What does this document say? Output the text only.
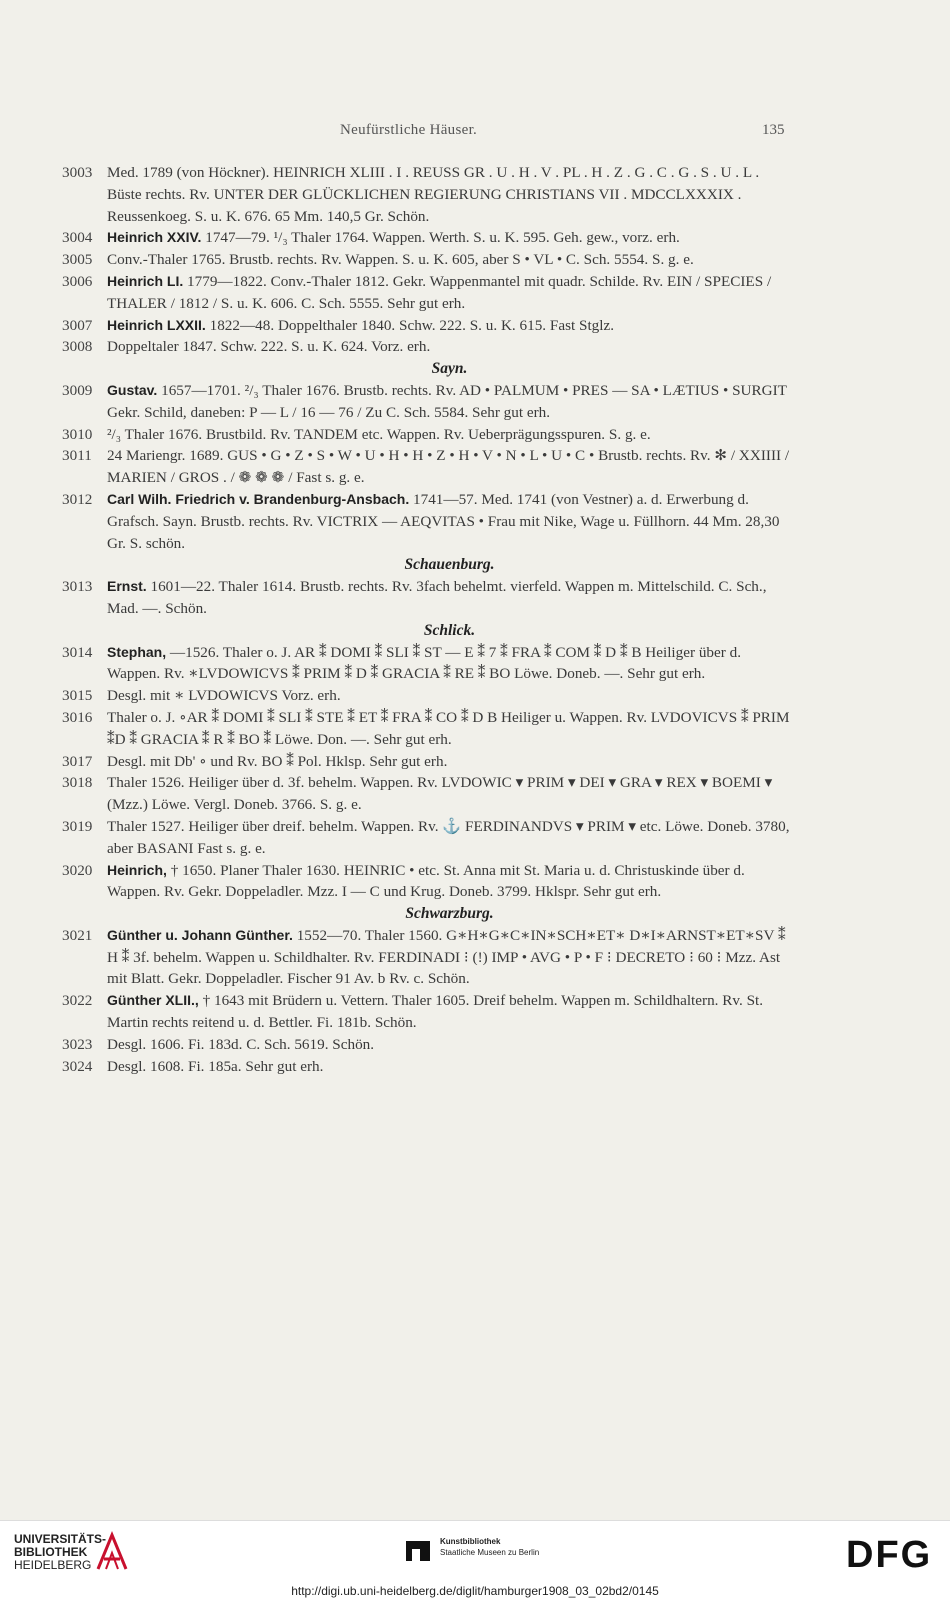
Neufürstliche Häuser.	135
3003 Med. 1789 (von Höckner). HEINRICH XLIII . I . REUSS GR . U . H . V . PL . H . Z . G . C . G . S . U . L . Büste rechts. Rv. UNTER DER GLÜCKLICHEN REGIERUNG CHRISTIANS VII . MDCCLXXXIX . Reussenkoeg. S. u. K. 676. 65 Mm. 140,5 Gr. Schön.
3004 Heinrich XXIV. 1747—79. ¹/₃ Thaler 1764. Wappen. Werth. S. u. K. 595. Geh. gew., vorz. erh.
3005 Conv.-Thaler 1765. Brustb. rechts. Rv. Wappen. S. u. K. 605, aber S • VL • C. Sch. 5554. S. g. e.
3006 Heinrich LI. 1779—1822. Conv.-Thaler 1812. Gekr. Wappenmantel mit quadr. Schilde. Rv. EIN / SPECIES / THALER / 1812 / S. u. K. 606. C. Sch. 5555. Sehr gut erh.
3007 Heinrich LXXII. 1822—48. Doppelthaler 1840. Schw. 222. S. u. K. 615. Fast Stglz.
3008 Doppeltaler 1847. Schw. 222. S. u. K. 624. Vorz. erh.
Sayn.
3009 Gustav. 1657—1701. ²/₃ Thaler 1676. Brustb. rechts. Rv. AD • PALMUM • PRES — SA • LÆTIUS • SURGIT Gekr. Schild, daneben: P — L / 16 — 76 / Zu C. Sch. 5584. Sehr gut erh.
3010 ²/₃ Thaler 1676. Brustbild. Rv. TANDEM etc. Wappen. Rv. Ueberprägungsspuren. S. g. e.
3011 24 Mariengr. 1689. GUS • G • Z • S • W • U • H • H • Z • H • V • N • L • U • C • Brustb. rechts. Rv. ✻ / XXIIII / MARIEN / GROS . / ❁ ❁ ❁ / Fast s. g. e.
3012 Carl Wilh. Friedrich v. Brandenburg-Ansbach. 1741—57. Med. 1741 (von Vestner) a. d. Erwerbung d. Grafsch. Sayn. Brustb. rechts. Rv. VICTRIX — AEQVITAS • Frau mit Nike, Wage u. Füllhorn. 44 Mm. 28,30 Gr. S. schön.
Schauenburg.
3013 Ernst. 1601—22. Thaler 1614. Brustb. rechts. Rv. 3fach behelmt. vierfeld. Wappen m. Mittelschild. C. Sch., Mad. —. Schön.
Schlick.
3014 Stephan, —1526. Thaler o. J. AR ⁑ DOMI ⁑ SLI ⁑ ST — E ⁑ 7 ⁑ FRA ⁑ COM ⁑ D ⁑ B Heiliger über d. Wappen. Rv. ∗LVDOWICVS ⁑ PRIM ⁑ D ⁑ GRACIA ⁑ RE ⁑ BO Löwe. Doneb. —. Sehr gut erh.
3015 Desgl. mit ∗ LVDOWICVS Vorz. erh.
3016 Thaler o. J. ∘AR ⁑ DOMI ⁑ SLI ⁑ STE ⁑ ET ⁑ FRA ⁑ CO ⁑ D B Heiliger u. Wappen. Rv. LVDOVICVS ⁑ PRIM ⁑D ⁑ GRACIA ⁑ R ⁑ BO ⁑ Löwe. Don. —. Sehr gut erh.
3017 Desgl. mit Db' ∘ und Rv. BO ⁑ Pol. Hklsp. Sehr gut erh.
3018 Thaler 1526. Heiliger über d. 3f. behelm. Wappen. Rv. LVDOWIC ▾ PRIM ▾ DEI ▾ GRA ▾ REX ▾ BOEMI ▾ (Mzz.) Löwe. Vergl. Doneb. 3766. S. g. e.
3019 Thaler 1527. Heiliger über dreif. behelm. Wappen. Rv. ⚓ FERDINANDVS ▾ PRIM ▾ etc. Löwe. Doneb. 3780, aber BASANI Fast s. g. e.
3020 Heinrich, † 1650. Planer Thaler 1630. HEINRIC • etc. St. Anna mit St. Maria u. d. Christuskinde über d. Wappen. Rv. Gekr. Doppeladler. Mzz. I — C und Krug. Doneb. 3799. Hklspr. Sehr gut erh.
Schwarzburg.
3021 Günther u. Johann Günther. 1552—70. Thaler 1560. G∗H∗G∗C∗IN∗SCH∗ET∗ D∗I∗ARNST∗ET∗SV ⁑ H ⁑ 3f. behelm. Wappen u. Schildhalter. Rv. FERDINADI ⁝ (!) IMP • AVG • P • F ⁝ DECRETO ⁝ 60 ⁝ Mzz. Ast mit Blatt. Gekr. Doppeladler. Fischer 91 Av. b Rv. c. Schön.
3022 Günther XLII., † 1643 mit Brüdern u. Vettern. Thaler 1605. Dreif behelm. Wappen m. Schildhaltern. Rv. St. Martin rechts reitend u. d. Bettler. Fi. 181b. Schön.
3023 Desgl. 1606. Fi. 183d. C. Sch. 5619. Schön.
3024 Desgl. 1608. Fi. 185a. Sehr gut erh.
UNIVERSITÄTS-
BIBLIOTHEK
HEIDELBERG
Kunstbibliothek
Staatliche Museen zu Berlin	DFG
http://digi.ub.uni-heidelberg.de/diglit/hamburger1908_03_02bd2/0145
